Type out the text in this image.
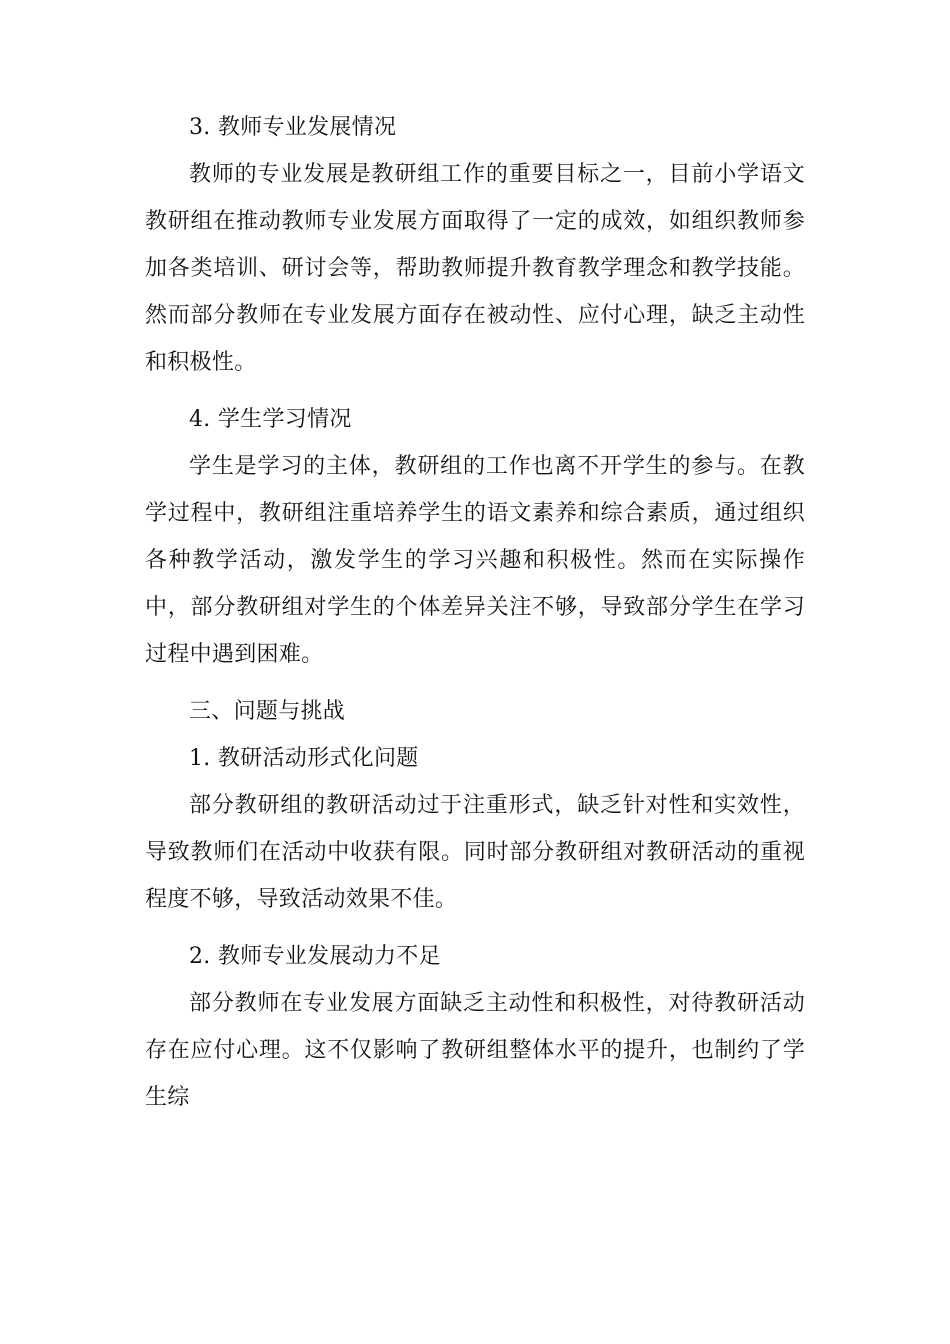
3. 教师专业发展情况

教师的专业发展是教研组工作的重要目标之一，目前小学语文教研组在推动教师专业发展方面取得了一定的成效，如组织教师参加各类培训、研讨会等，帮助教师提升教育教学理念和教学技能。然而部分教师在专业发展方面存在被动性、应付心理，缺乏主动性和积极性。

4. 学生学习情况

学生是学习的主体，教研组的工作也离不开学生的参与。在教学过程中，教研组注重培养学生的语文素养和综合素质，通过组织各种教学活动，激发学生的学习兴趣和积极性。然而在实际操作中，部分教研组对学生的个体差异关注不够，导致部分学生在学习过程中遇到困难。

三、问题与挑战

1. 教研活动形式化问题

部分教研组的教研活动过于注重形式，缺乏针对性和实效性，导致教师们在活动中收获有限。同时部分教研组对教研活动的重视程度不够，导致活动效果不佳。

2. 教师专业发展动力不足

部分教师在专业发展方面缺乏主动性和积极性，对待教研活动存在应付心理。这不仅影响了教研组整体水平的提升，也制约了学生综
